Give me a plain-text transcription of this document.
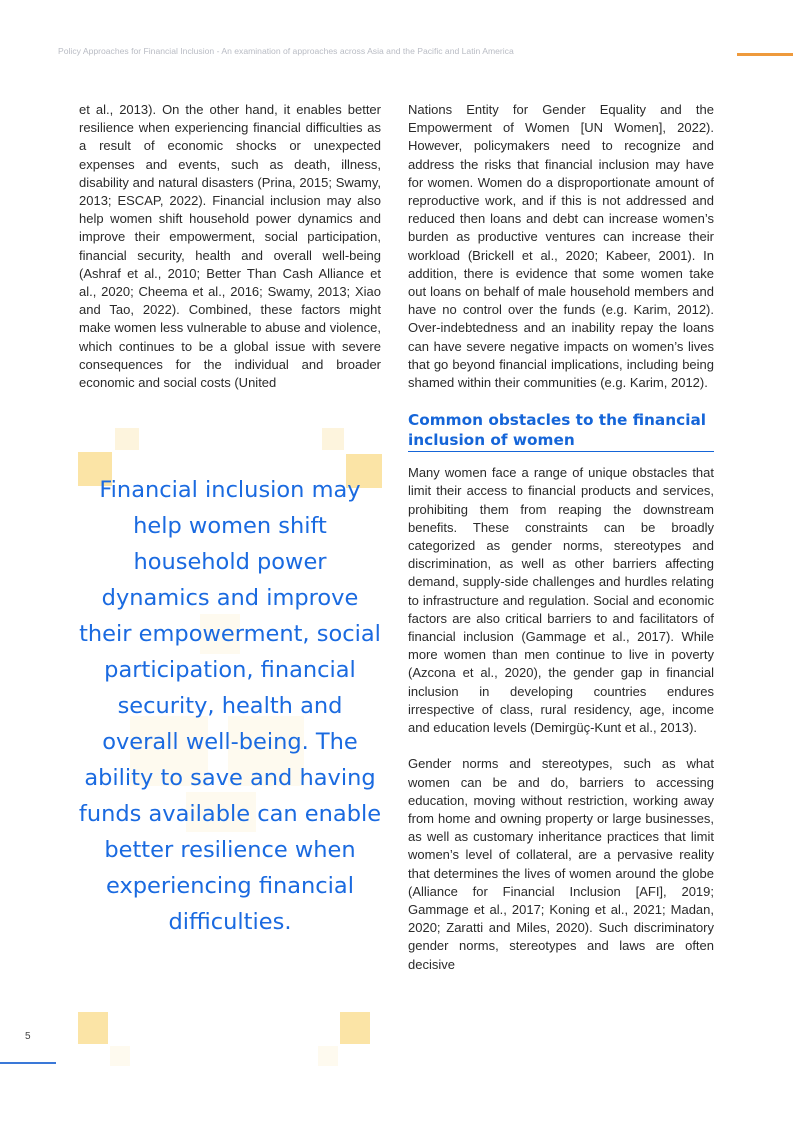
Policy Approaches for Financial Inclusion - An examination of approaches across Asia and the Pacific and Latin America

et al., 2013). On the other hand, it enables better resilience when experiencing financial difficulties as a result of economic shocks or unexpected expenses and events, such as death, illness, disability and natural disasters (Prina, 2015; Swamy, 2013; ESCAP, 2022). Financial inclusion may also help women shift household power dynamics and improve their empowerment, social participation, financial security, health and overall well-being (Ashraf et al., 2010; Better Than Cash Alliance et al., 2020; Cheema et al., 2016; Swamy, 2013; Xiao and Tao, 2022). Combined, these factors might make women less vulnerable to abuse and violence, which continues to be a global issue with severe consequences for the individual and broader economic and social costs (United

Financial inclusion may help women shift household power dynamics and improve their empowerment, social participation, financial security, health and overall well-being. The ability to save and having funds available can enable better resilience when experiencing financial difficulties.

Nations Entity for Gender Equality and the Empowerment of Women [UN Women], 2022). However, policymakers need to recognize and address the risks that financial inclusion may have for women. Women do a disproportionate amount of reproductive work, and if this is not addressed and reduced then loans and debt can increase women’s burden as productive ventures can increase their workload (Brickell et al., 2020; Kabeer, 2001). In addition, there is evidence that some women take out loans on behalf of male household members and have no control over the funds (e.g. Karim, 2012). Over-indebtedness and an inability repay the loans can have severe negative impacts on women’s lives that go beyond financial implications, including being shamed within their communities (e.g. Karim, 2012).

Common obstacles to the financial inclusion of women

Many women face a range of unique obstacles that limit their access to financial products and services, prohibiting them from reaping the downstream benefits. These constraints can be broadly categorized as gender norms, stereotypes and discrimination, as well as other barriers affecting demand, supply-side challenges and hurdles relating to infrastructure and regulation. Social and economic factors are also critical barriers to and facilitators of financial inclusion (Gammage et al., 2017). While more women than men continue to live in poverty (Azcona et al., 2020), the gender gap in financial inclusion in developing countries endures irrespective of class, rural residency, age, income and education levels (Demirgüç-Kunt et al., 2013).

Gender norms and stereotypes, such as what women can be and do, barriers to accessing education, moving without restriction, working away from home and owning property or large businesses, as well as customary inheritance practices that limit women’s level of collateral, are a pervasive reality that determines the lives of women around the globe (Alliance for Financial Inclusion [AFI], 2019; Gammage et al., 2017; Koning et al., 2021; Madan, 2020; Zaratti and Miles, 2020). Such discriminatory gender norms, stereotypes and laws are often decisive

5
